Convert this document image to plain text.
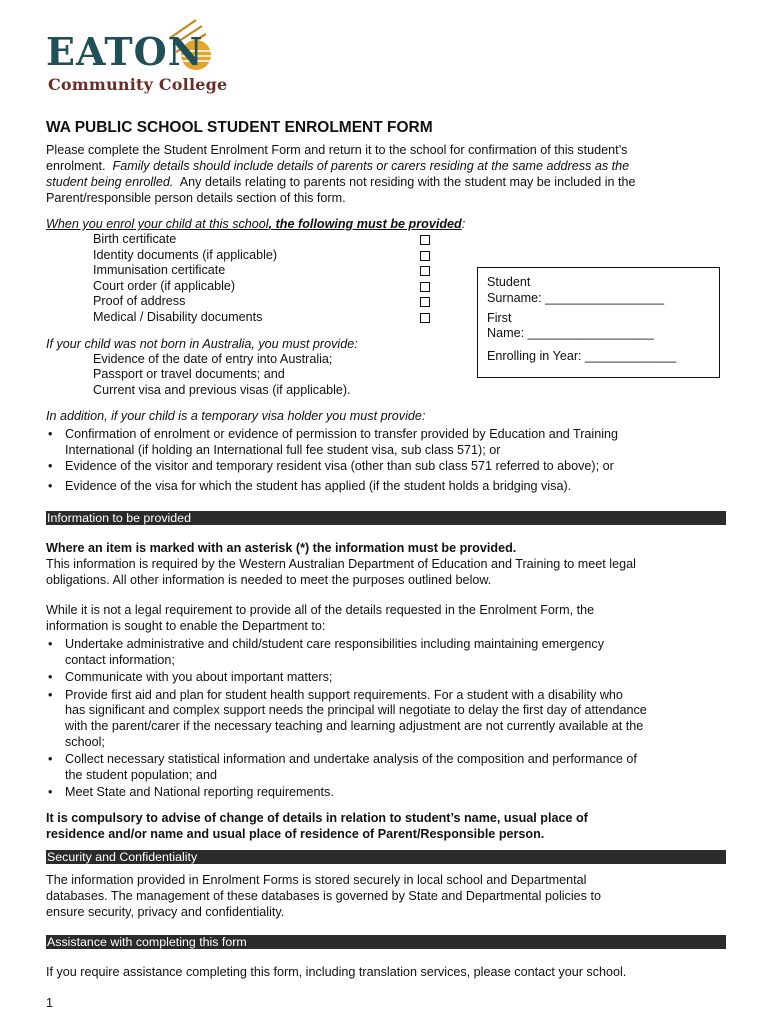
EATON
Community College
WA PUBLIC SCHOOL STUDENT ENROLMENT FORM
Please complete the Student Enrolment Form and return it to the school for confirmation of this student’s
enrolment. Family details should include details of parents or carers residing at the same address as the
student being enrolled. Any details relating to parents not residing with the student may be included in the
Parent/responsible person details section of this form.
When you enrol your child at this school, the following must be provided:
Birth certificate
Identity documents (if applicable)
Immunisation certificate
Court order (if applicable)
Proof of address
Medical / Disability documents
Student
Surname: _________________
First
Name: __________________
Enrolling in Year: _____________
If your child was not born in Australia, you must provide:
Evidence of the date of entry into Australia;
Passport or travel documents; and
Current visa and previous visas (if applicable).
In addition, if your child is a temporary visa holder you must provide:
• Confirmation of enrolment or evidence of permission to transfer provided by Education and Training
International (if holding an International full fee student visa, sub class 571); or
• Evidence of the visitor and temporary resident visa (other than sub class 571 referred to above); or
• Evidence of the visa for which the student has applied (if the student holds a bridging visa).
Information to be provided
Where an item is marked with an asterisk (*) the information must be provided.
This information is required by the Western Australian Department of Education and Training to meet legal
obligations. All other information is needed to meet the purposes outlined below.
While it is not a legal requirement to provide all of the details requested in the Enrolment Form, the
information is sought to enable the Department to:
• Undertake administrative and child/student care responsibilities including maintaining emergency
contact information;
• Communicate with you about important matters;
• Provide first aid and plan for student health support requirements. For a student with a disability who
has significant and complex support needs the principal will negotiate to delay the first day of attendance
with the parent/carer if the necessary teaching and learning adjustment are not currently available at the
school;
• Collect necessary statistical information and undertake analysis of the composition and performance of
the student population; and
• Meet State and National reporting requirements.
It is compulsory to advise of change of details in relation to student’s name, usual place of
residence and/or name and usual place of residence of Parent/Responsible person.
Security and Confidentiality
The information provided in Enrolment Forms is stored securely in local school and Departmental
databases. The management of these databases is governed by State and Departmental policies to
ensure security, privacy and confidentiality.
Assistance with completing this form
If you require assistance completing this form, including translation services, please contact your school.
1
